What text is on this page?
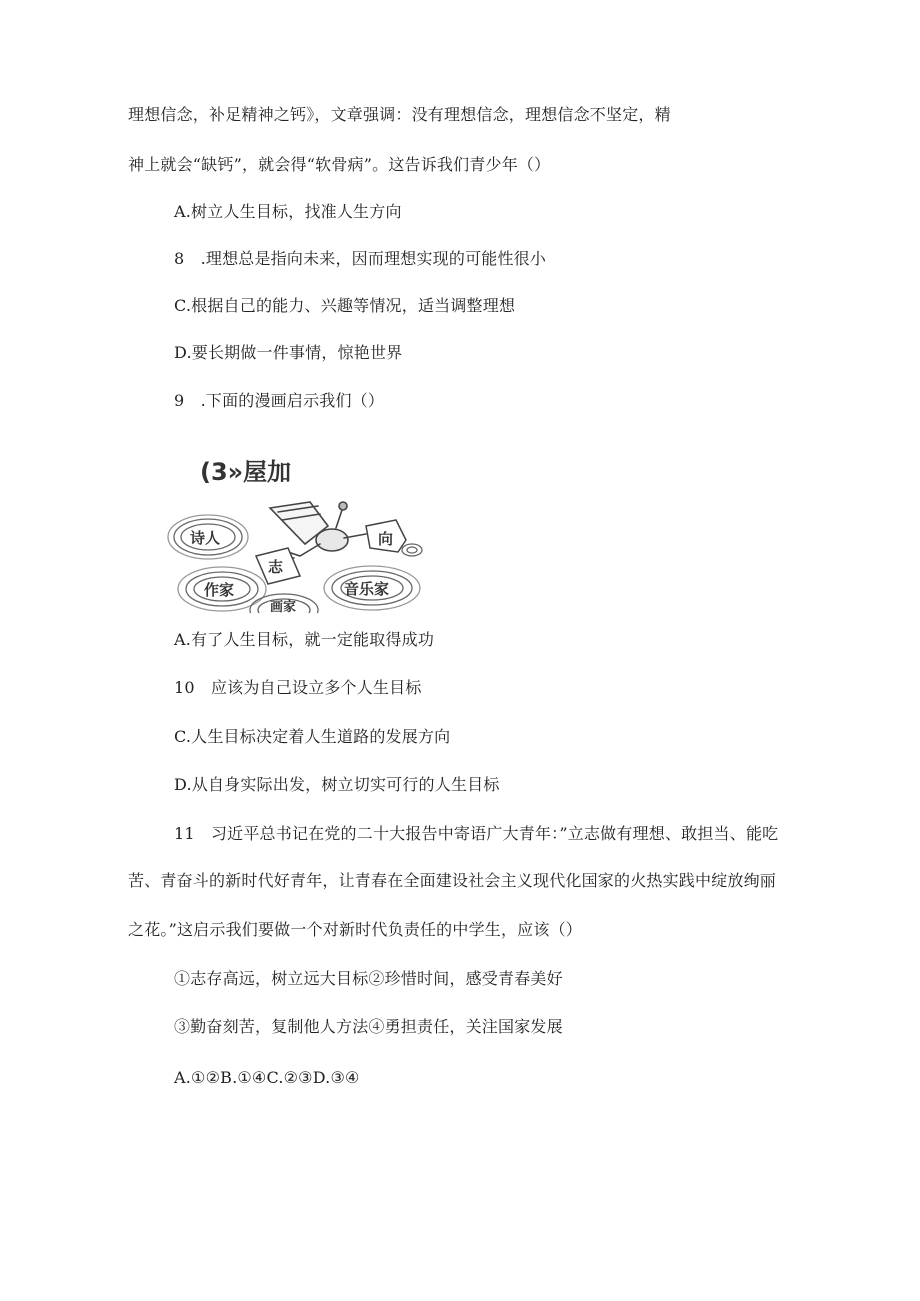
理想信念，补足精神之钙》，文章强调：没有理想信念，理想信念不坚定，精
神上就会“缺钙”，就会得“软骨病”。这告诉我们青少年（）
A.树立人生目标，找准人生方向
8　.理想总是指向未来，因而理想实现的可能性很小
C.根据自己的能力、兴趣等情况，适当调整理想
D.要长期做一件事情，惊艳世界
9　.下面的漫画启示我们（）
(3»屋加
诗人
作家
画家
音乐家
志
向
A.有了人生目标，就一定能取得成功
10　应该为自己设立多个人生目标
C.人生目标决定着人生道路的发展方向
D.从自身实际出发，树立切实可行的人生目标
11　习近平总书记在党的二十大报告中寄语广大青年：”立志做有理想、敢担当、能吃
苦、青奋斗的新时代好青年，让青春在全面建设社会主义现代化国家的火热实践中绽放绚丽
之花。”这启示我们要做一个对新时代负责任的中学生，应该（）
①志存高远，树立远大目标②珍惜时间，感受青春美好
③勤奋刻苦，复制他人方法④勇担责任，关注国家发展
A.①②B.①④C.②③D.③④
